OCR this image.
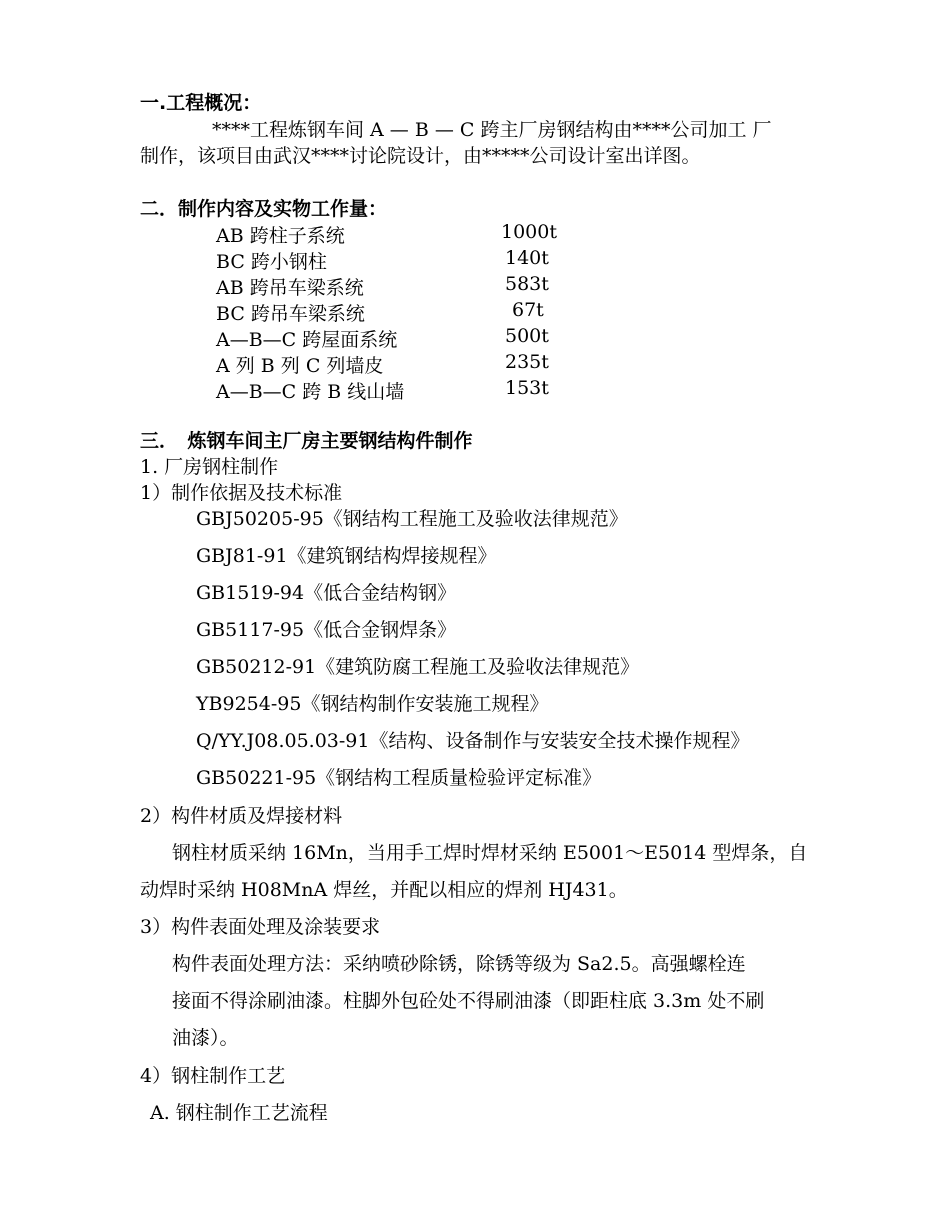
一.工程概况：
****工程炼钢车间 A — B — C 跨主厂房钢结构由****公司加工 厂
制作，该项目由武汉****讨论院设计，由*****公司设计室出详图。
二．制作内容及实物工作量：
AB 跨柱子系统	1000t
BC 跨小钢柱	140t
AB 跨吊车梁系统	583t
BC 跨吊车梁系统	67t
A—B—C 跨屋面系统	500t
A 列 B 列 C 列墙皮	235t
A—B—C 跨 B 线山墙	153t
三．　炼钢车间主厂房主要钢结构件制作
1. 厂房钢柱制作
1）制作依据及技术标准
GBJ50205-95《钢结构工程施工及验收法律规范》
GBJ81-91《建筑钢结构焊接规程》
GB1519-94《低合金结构钢》
GB5117-95《低合金钢焊条》
GB50212-91《建筑防腐工程施工及验收法律规范》
YB9254-95《钢结构制作安装施工规程》
Q/YY.J08.05.03-91《结构、设备制作与安装安全技术操作规程》
GB50221-95《钢结构工程质量检验评定标准》
2）构件材质及焊接材料
钢柱材质采纳 16Mn，当用手工焊时焊材采纳 E5001～E5014 型焊条，自
动焊时采纳 H08MnA 焊丝，并配以相应的焊剂 HJ431。
3）构件表面处理及涂装要求
构件表面处理方法：采纳喷砂除锈，除锈等级为 Sa2.5。高强螺栓连
接面不得涂刷油漆。柱脚外包砼处不得刷油漆（即距柱底 3.3m 处不刷
油漆）。
4）钢柱制作工艺
A. 钢柱制作工艺流程
